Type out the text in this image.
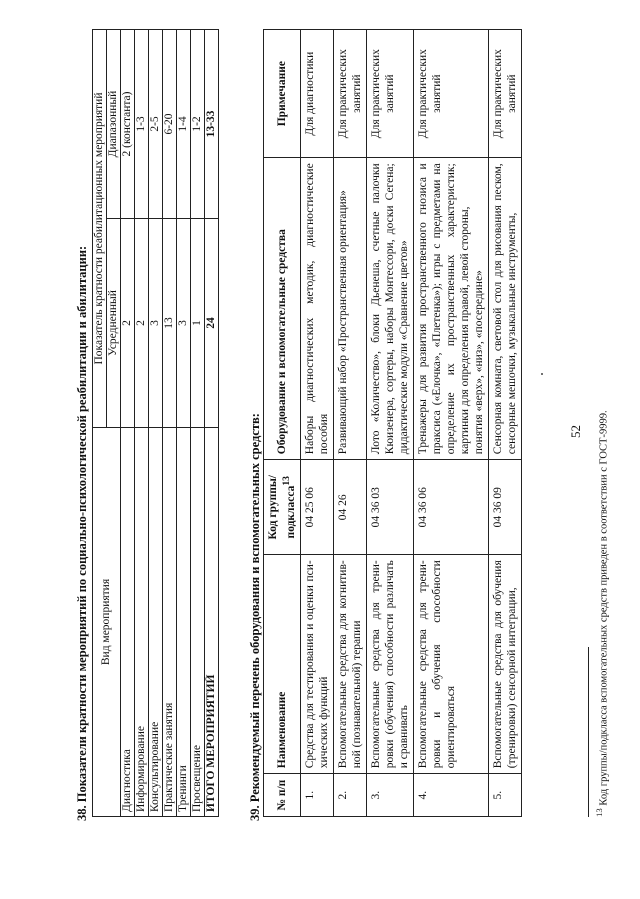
52
38. Показатели кратности мероприятий по социально-психологической реабилитации и абилитации: Вид мероприятия	Показатель кратности реабилитационных мероприятий	
	Усредненный	Диапазонный
Диагностика	2	2 (константа)
Информирование	2	1-3
Консультирование	3	2-5
Практические занятия	13	6-20
Тренинги	3	1-4
Просвещение	1	1-2
ИТОГО МЕРОПРИЯТИЙ	24	13-33
39. Рекомендуемый перечень оборудования и вспомогательных средств: № п/п	Наименование	Код группы/ подкласса$^{13}$	Оборудование и вспомогательные средства	Примечание
1.	Средства для тестирования и оценки психических функций	04 25 06	Наборы диагностических методик, диагностические пособия	Для диагностики
2.	Вспомогательные средства для когнитивной (познавательной) терапии	04 26	Развивающий набор «Пространственная ориентация»	Для практических занятий
3.	Вспомогательные средства для тренировки (обучения) способности различать и сравнивать	04 36 03	Лото «Количество», блоки Дьенеша, счетные палочки Кюизенера, сортеры, наборы Монтессори, доски Сегена; дидактические модули «Сравнение цветов»	Для практических занятий
4.	Вспомогательные средства для тренировки и обучения способности ориентироваться	04 36 06	Тренажеры для развития пространственного гнозиса и праксиса («Елочка», «Плетенка»); игры с предметами на определение их пространственных характеристик; картинки для определения правой, левой стороны, понятия «верх», «низ», «посередине»	Для практических занятий
5.	Вспомогательные средства для обучения (тренировки) сенсорной интеграции,	04 36 09	Сенсорная комната, световой стол для рисования песком, сенсорные мешочки, музыкальные инструменты,	Для практических занятий
$^{13}$ Код группы/подкласса вспомогательных средств приведен в соответствии с ГОСТ-9999.
